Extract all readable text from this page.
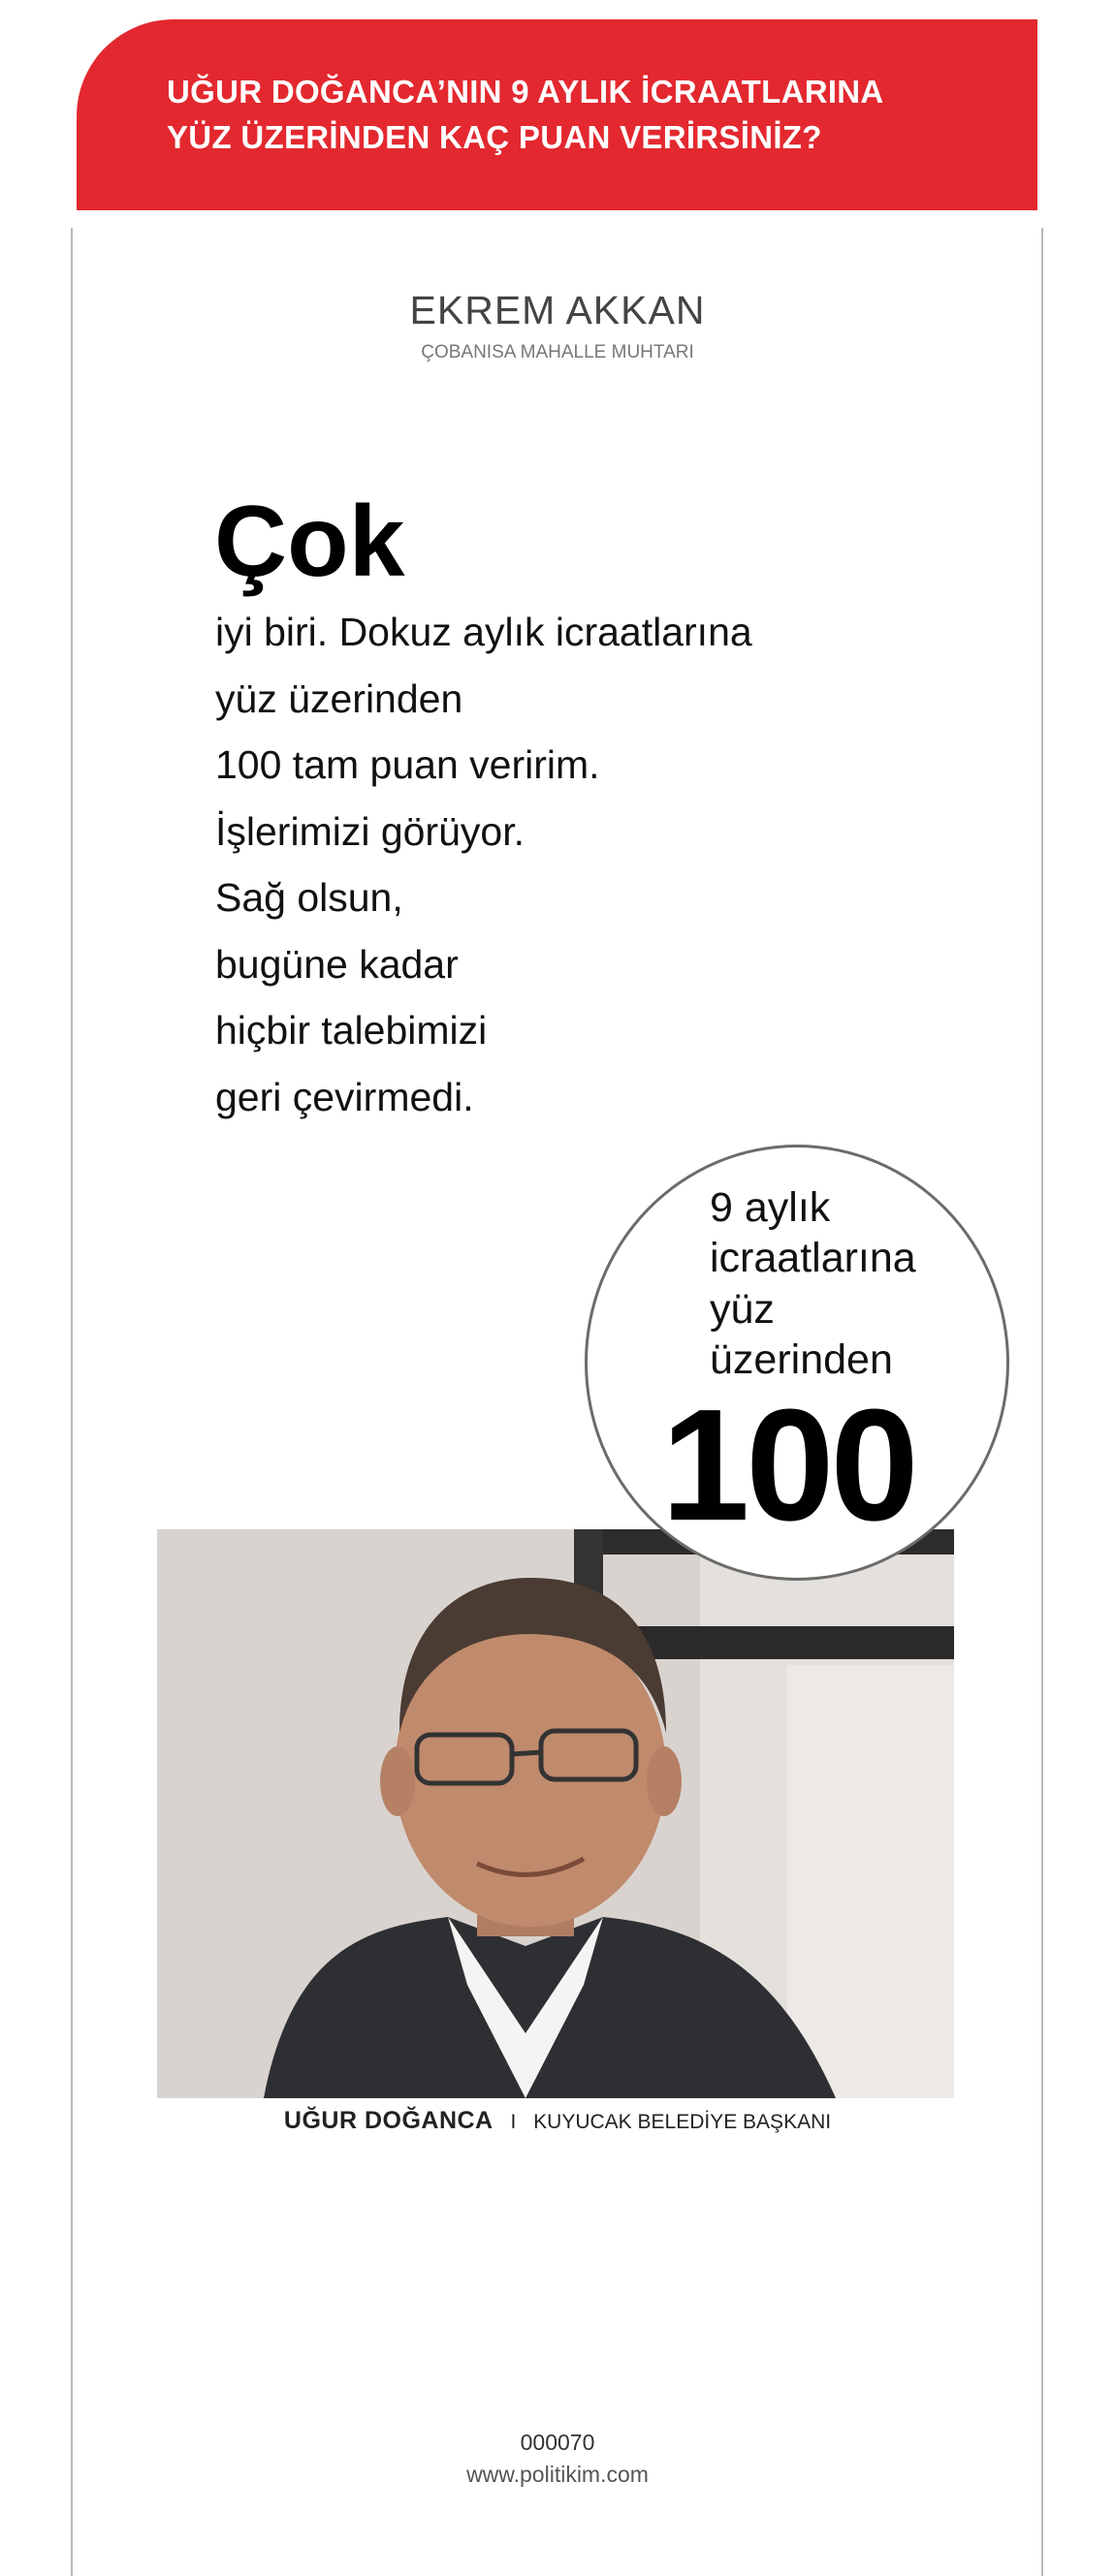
UĞUR DOĞANCA’NIN 9 AYLIK İCRAATLARINA
YÜZ ÜZERİNDEN KAÇ PUAN VERİRSİNİZ?
EKREM AKKAN
ÇOBANISA MAHALLE MUHTARI
Çok
iyi biri. Dokuz aylık icraatlarına
yüz üzerinden
100 tam puan veririm.
İşlerimizi görüyor.
Sağ olsun,
bugüne kadar
hiçbir talebimizi
geri çevirmedi.
9 aylık
icraatlarına
yüz
üzerinden
100
UĞUR DOĞANCA I KUYUCAK BELEDİYE BAŞKANI
000070
www.politikim.com
